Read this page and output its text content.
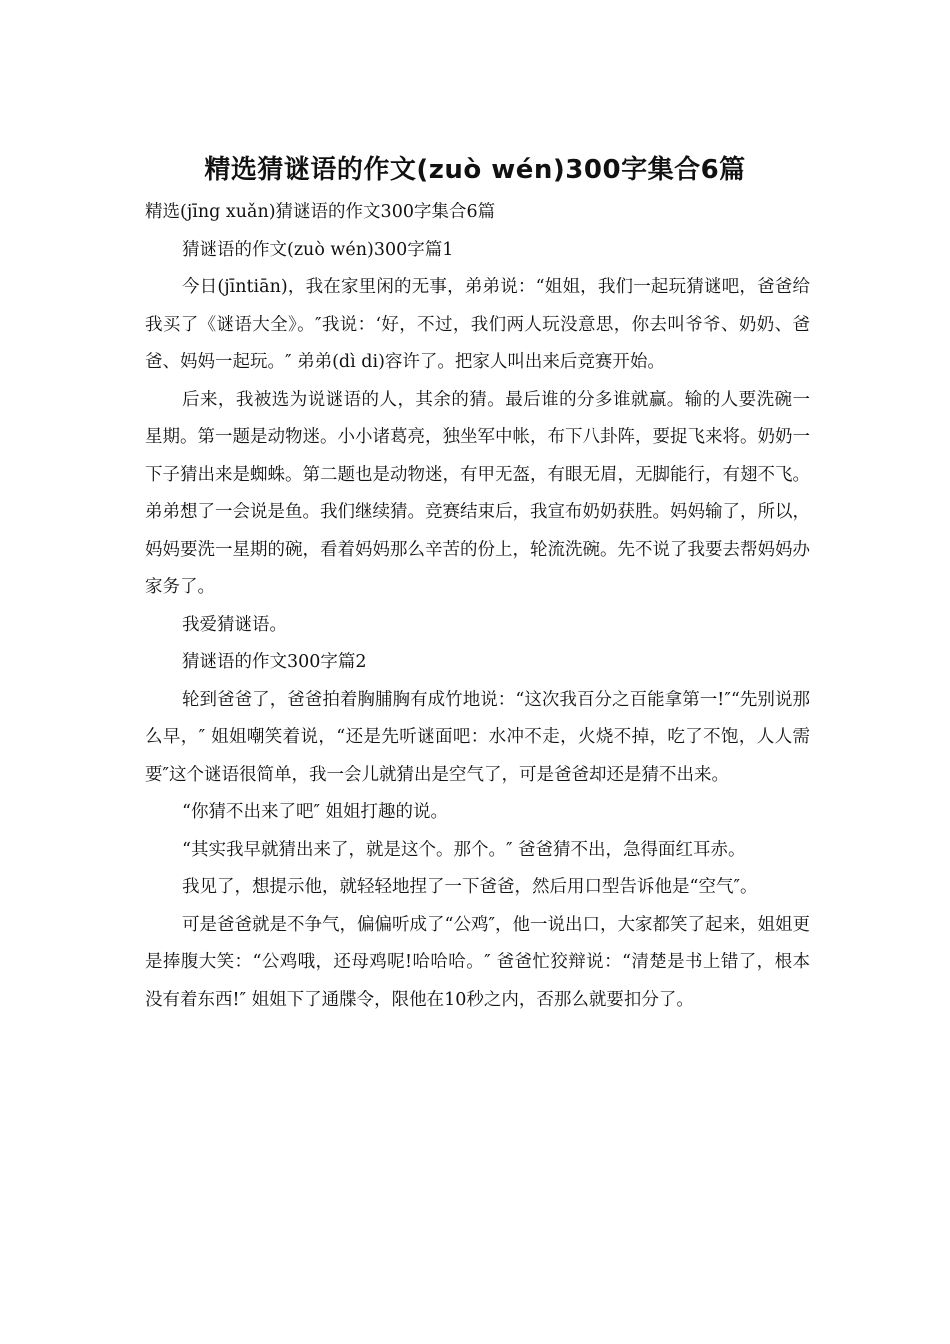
精选猜谜语的作文(zuò wén)300字集合6篇

精选(jīng xuǎn)猜谜语的作文300字集合6篇

猜谜语的作文(zuò wén)300字篇1

今日(jīntiān)，我在家里闲的无事，弟弟说：“姐姐，我们一起玩猜谜吧，爸爸给我买了《谜语大全》。″我说：‘好，不过，我们两人玩没意思，你去叫爷爷、奶奶、爸爸、妈妈一起玩。″ 弟弟(dì di)容许了。把家人叫出来后竞赛开始。

后来，我被选为说谜语的人，其余的猜。最后谁的分多谁就赢。输的人要洗碗一星期。第一题是动物迷。小小诸葛亮，独坐军中帐，布下八卦阵，要捉飞来将。奶奶一下子猜出来是蜘蛛。第二题也是动物迷，有甲无盔，有眼无眉，无脚能行，有翅不飞。弟弟想了一会说是鱼。我们继续猜。竞赛结束后，我宣布奶奶获胜。妈妈输了，所以，妈妈要洗一星期的碗，看着妈妈那么辛苦的份上，轮流洗碗。先不说了我要去帮妈妈办家务了。

我爱猜谜语。

猜谜语的作文300字篇2

轮到爸爸了，爸爸拍着胸脯胸有成竹地说：“这次我百分之百能拿第一!″“先别说那么早，″ 姐姐嘲笑着说，“还是先听谜面吧：水冲不走，火烧不掉，吃了不饱，人人需要″这个谜语很简单，我一会儿就猜出是空气了，可是爸爸却还是猜不出来。

“你猜不出来了吧″ 姐姐打趣的说。

“其实我早就猜出来了，就是这个。那个。″ 爸爸猜不出，急得面红耳赤。

我见了，想提示他，就轻轻地捏了一下爸爸，然后用口型告诉他是“空气″。

可是爸爸就是不争气，偏偏听成了“公鸡″，他一说出口，大家都笑了起来，姐姐更是捧腹大笑：“公鸡哦，还母鸡呢!哈哈哈。″ 爸爸忙狡辩说：“清楚是书上错了，根本没有着东西!″ 姐姐下了通牒令，限他在10秒之内，否那么就要扣分了。
